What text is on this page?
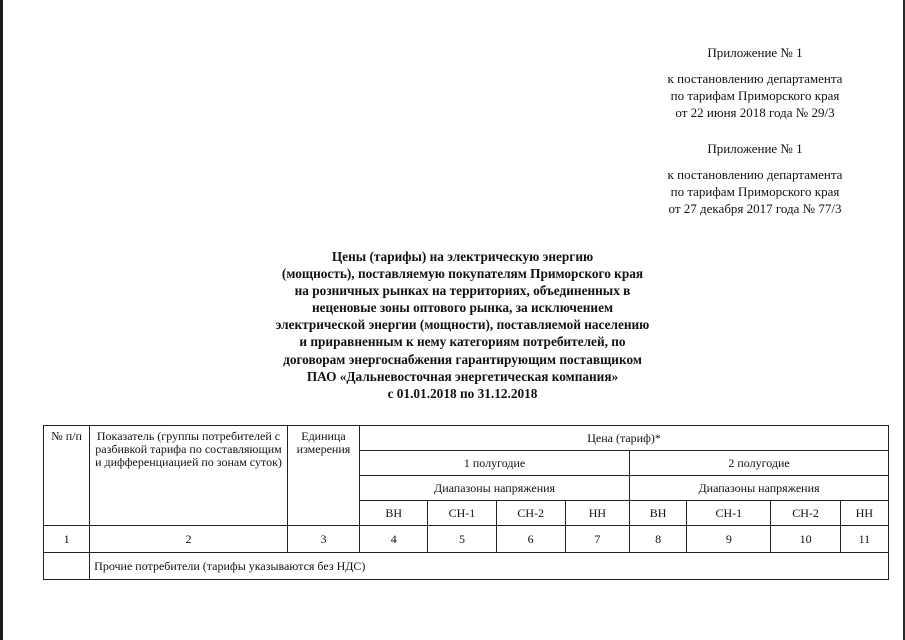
Приложение № 1
к постановлению департамента
по тарифам Приморского края
от 22 июня 2018 года № 29/3
Приложение № 1
к постановлению департамента
по тарифам Приморского края
от 27 декабря 2017 года № 77/3
Цены (тарифы) на электрическую энергию
(мощность), поставляемую покупателям Приморского края
на розничных рынках на территориях, объединенных в
неценовые зоны оптового рынка, за исключением
электрической энергии (мощности), поставляемой населению
и приравненным к нему категориям потребителей, по
договорам энергоснабжения гарантирующим поставщиком
ПАО «Дальневосточная энергетическая компания»
с 01.01.2018 по 31.12.2018
№ п/п	Показатель (группы потребителей с разбивкой тарифа по составляющим и дифференциацией по зонам суток)	Единица измерения	Цена (тариф)*							
			1 полугодие				2 полугодие			
			Диапазоны напряжения				Диапазоны напряжения			
			ВН	СН-1	СН-2	НН	ВН	СН-1	СН-2	НН
1	2	3	4	5	6	7	8	9	10	11
	Прочие потребители (тарифы указываются без НДС)									
